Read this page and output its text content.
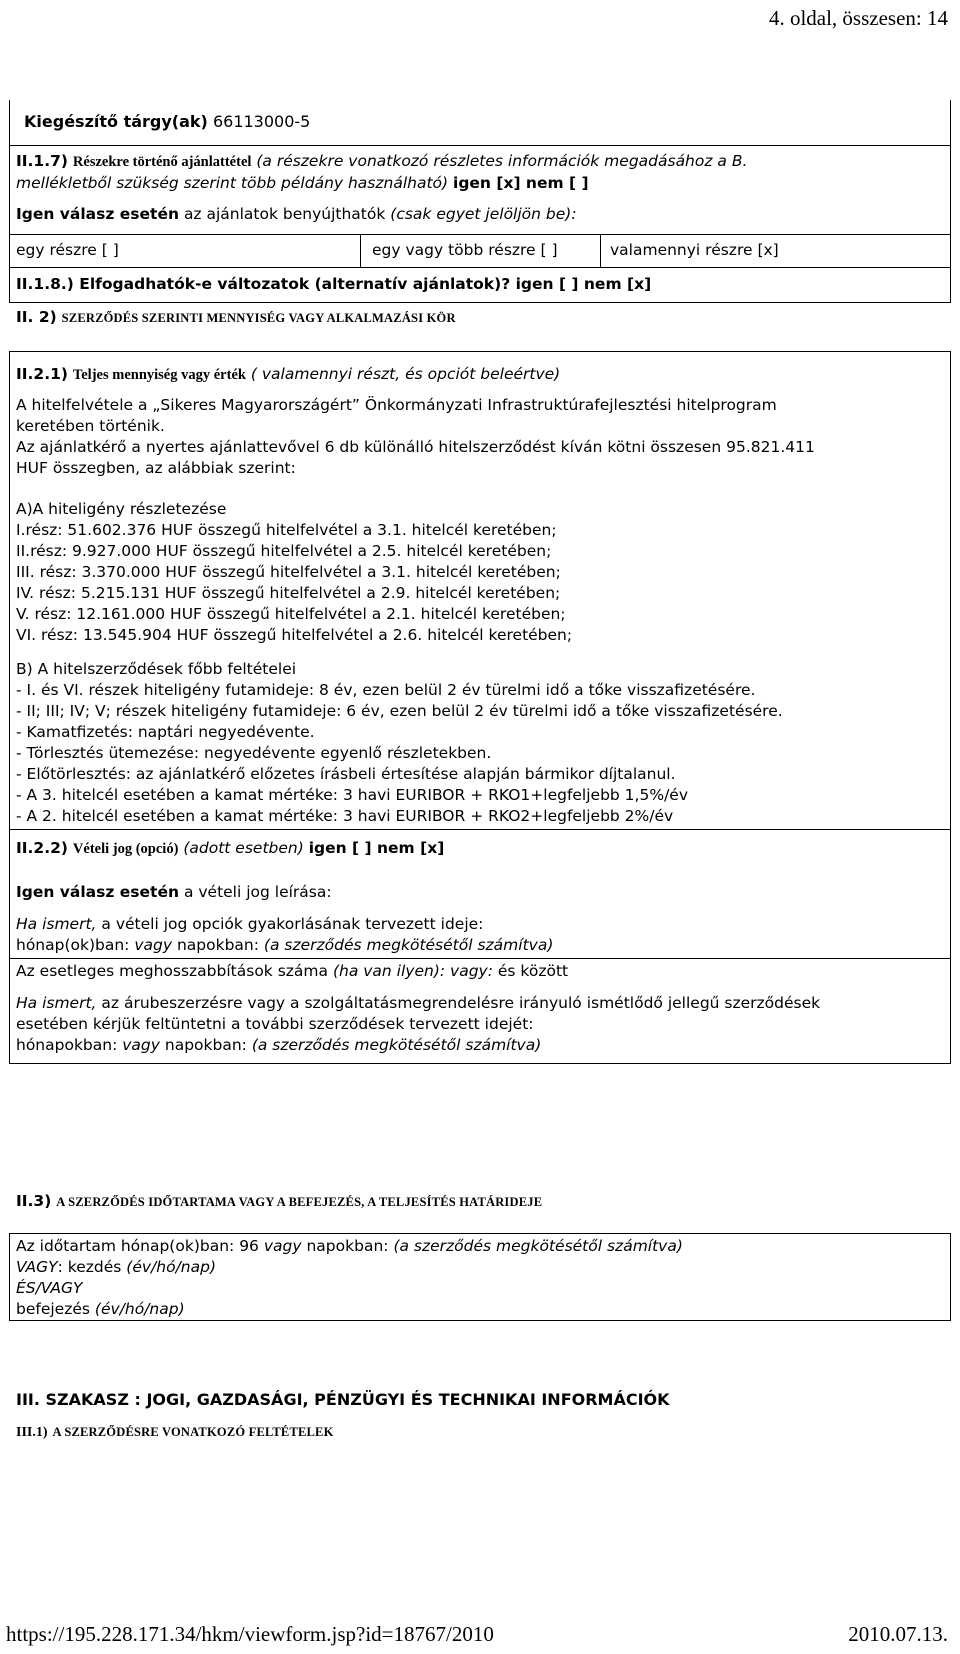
4. oldal, összesen: 14
Kiegészítő tárgy(ak) 66113000-5
II.1.7) Részekre történő ajánlattétel (a részekre vonatkozó részletes információk megadásához a B.
mellékletből szükség szerint több példány használható) igen [x] nem [ ]
Igen válasz esetén az ajánlatok benyújthatók (csak egyet jelöljön be):
egy részre [ ]	egy vagy több részre [ ]	valamennyi részre [x]
II.1.8.) Elfogadhatók-e változatok (alternatív ajánlatok)? igen [ ] nem [x]
II. 2) SZERZŐDÉS SZERINTI MENNYISÉG VAGY ALKALMAZÁSI KÖR
II.2.1) Teljes mennyiség vagy érték ( valamennyi részt, és opciót beleértve)
A hitelfelvétele a „Sikeres Magyarországért” Önkormányzati Infrastruktúrafejlesztési hitelprogram
keretében történik.
Az ajánlatkérő a nyertes ajánlattevővel 6 db különálló hitelszerződést kíván kötni összesen 95.821.411
HUF összegben, az alábbiak szerint:
A)A hiteligény részletezése
I.rész: 51.602.376 HUF összegű hitelfelvétel a 3.1. hitelcél keretében;
II.rész: 9.927.000 HUF összegű hitelfelvétel a 2.5. hitelcél keretében;
III. rész: 3.370.000 HUF összegű hitelfelvétel a 3.1. hitelcél keretében;
IV. rész: 5.215.131 HUF összegű hitelfelvétel a 2.9. hitelcél keretében;
V. rész: 12.161.000 HUF összegű hitelfelvétel a 2.1. hitelcél keretében;
VI. rész: 13.545.904 HUF összegű hitelfelvétel a 2.6. hitelcél keretében;
B) A hitelszerződések főbb feltételei
- I. és VI. részek hiteligény futamideje: 8 év, ezen belül 2 év türelmi idő a tőke visszafizetésére.
- II; III; IV; V; részek hiteligény futamideje: 6 év, ezen belül 2 év türelmi idő a tőke visszafizetésére.
- Kamatfizetés: naptári negyedévente.
- Törlesztés ütemezése: negyedévente egyenlő részletekben.
- Előtörlesztés: az ajánlatkérő előzetes írásbeli értesítése alapján bármikor díjtalanul.
- A 3. hitelcél esetében a kamat mértéke: 3 havi EURIBOR + RKO1+legfeljebb 1,5%/év
- A 2. hitelcél esetében a kamat mértéke: 3 havi EURIBOR + RKO2+legfeljebb 2%/év
II.2.2) Vételi jog (opció) (adott esetben) igen [ ] nem [x]
Igen válasz esetén a vételi jog leírása:
Ha ismert, a vételi jog opciók gyakorlásának tervezett ideje:
hónap(ok)ban: vagy napokban: (a szerződés megkötésétől számítva)
Az esetleges meghosszabbítások száma (ha van ilyen): vagy: és között
Ha ismert, az árubeszerzésre vagy a szolgáltatásmegrendelésre irányuló ismétlődő jellegű szerződések
esetében kérjük feltüntetni a további szerződések tervezett idejét:
hónapokban: vagy napokban: (a szerződés megkötésétől számítva)
II.3) A SZERZŐDÉS IDŐTARTAMA VAGY A BEFEJEZÉS, A TELJESÍTÉS HATÁRIDEJE
Az időtartam hónap(ok)ban: 96 vagy napokban: (a szerződés megkötésétől számítva)
VAGY: kezdés (év/hó/nap)
ÉS/VAGY
befejezés (év/hó/nap)
III. SZAKASZ : JOGI, GAZDASÁGI, PÉNZÜGYI ÉS TECHNIKAI INFORMÁCIÓK
III.1) A SZERZŐDÉSRE VONATKOZÓ FELTÉTELEK
https://195.228.171.34/hkm/viewform.jsp?id=18767/2010	2010.07.13.
